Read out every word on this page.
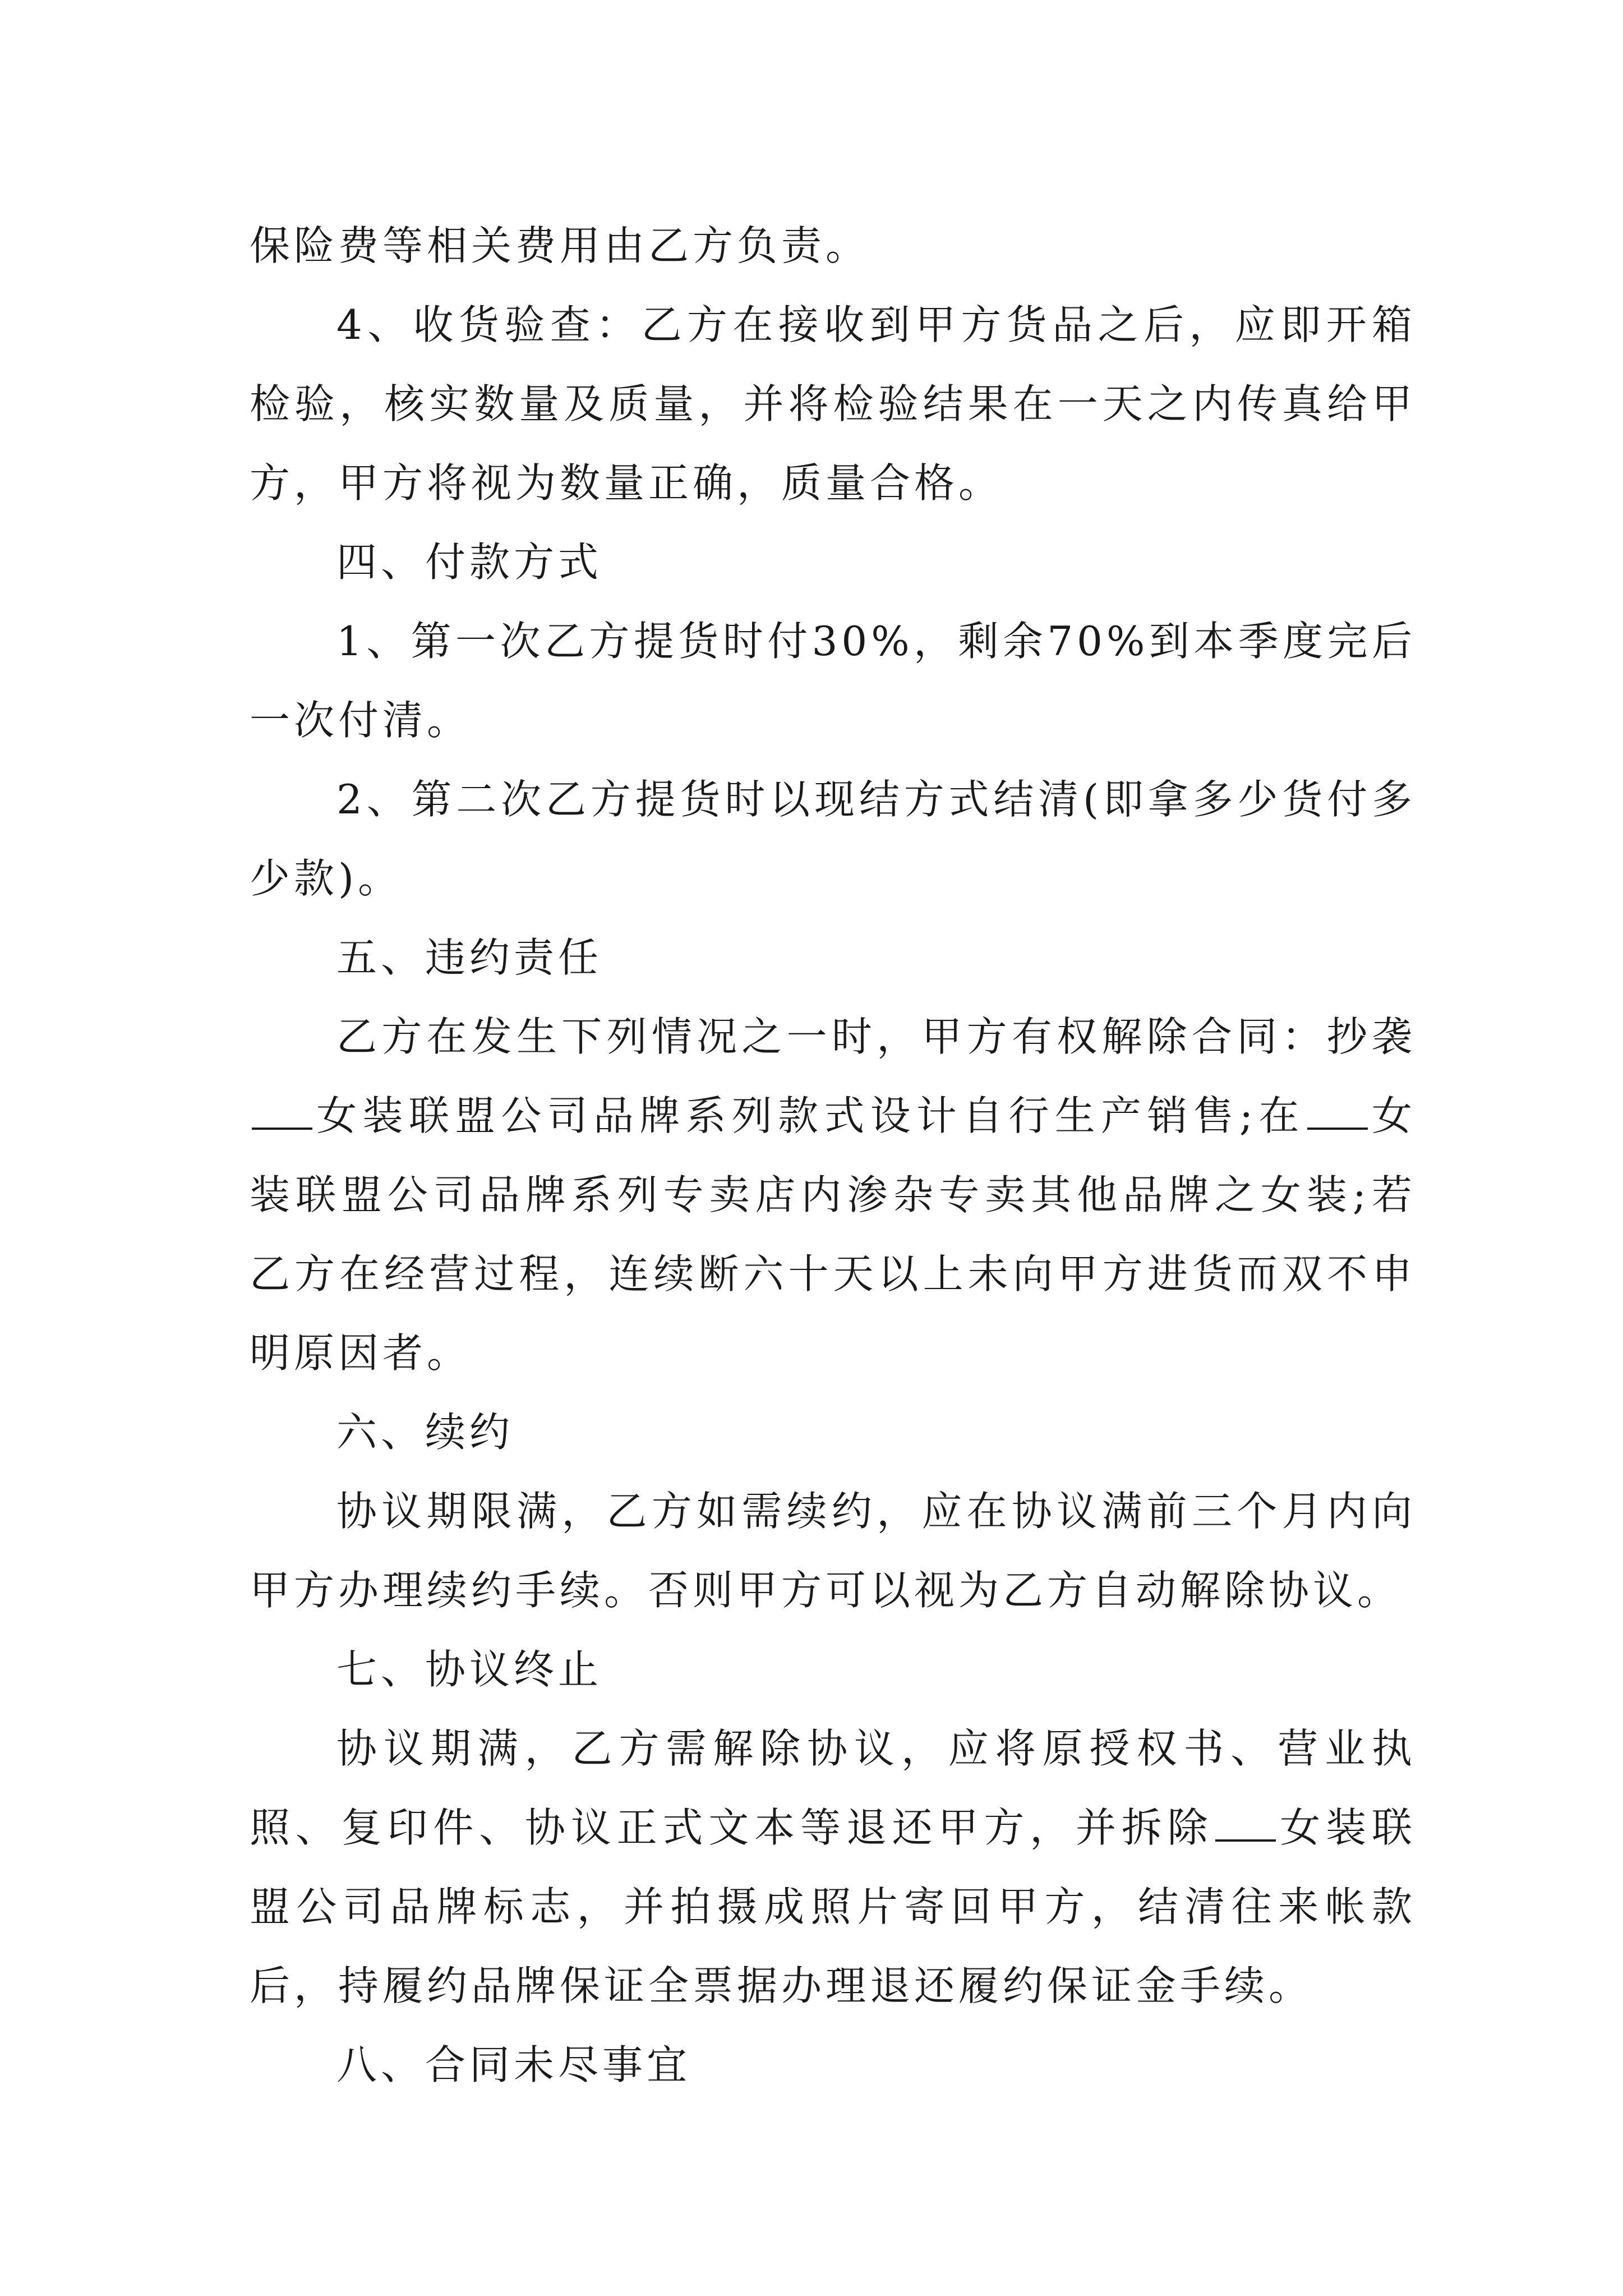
保险费等相关费用由乙方负责。

4、收货验查：乙方在接收到甲方货品之后，应即开箱检验，核实数量及质量，并将检验结果在一天之内传真给甲方，甲方将视为数量正确，质量合格。

四、付款方式

1、第一次乙方提货时付30%，剩余70%到本季度完后一次付清。

2、第二次乙方提货时以现结方式结清(即拿多少货付多少款)。

五、违约责任

乙方在发生下列情况之一时，甲方有权解除合同：抄袭女装联盟公司品牌系列款式设计自行生产销售;在 女装联盟公司品牌系列专卖店内渗杂专卖其他品牌之女装;若乙方在经营过程，连续断六十天以上未向甲方进货而双不申明原因者。

六、续约

协议期限满，乙方如需续约，应在协议满前三个月内向甲方办理续约手续。否则甲方可以视为乙方自动解除协议。

七、协议终止

协议期满，乙方需解除协议，应将原授权书、营业执照、复印件、协议正式文本等退还甲方，并拆除 女装联盟公司品牌标志，并拍摄成照片寄回甲方，结清往来帐款后，持履约品牌保证全票据办理退还履约保证金手续。

八、合同未尽事宜
